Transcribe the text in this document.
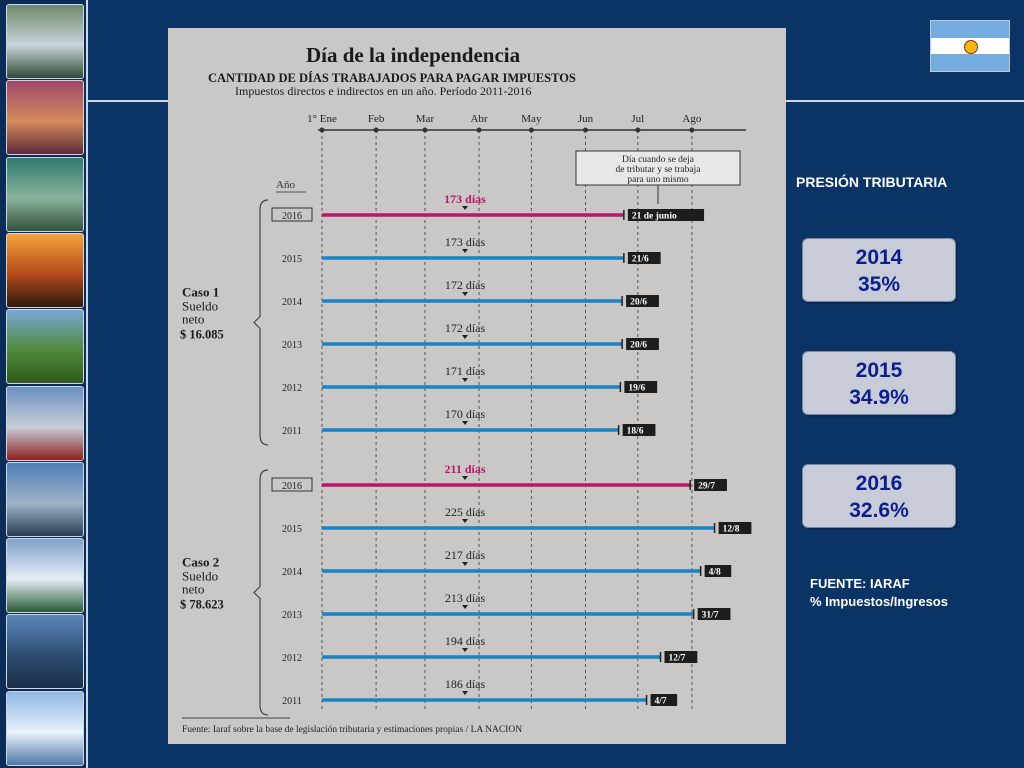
Día de la independencia
CANTIDAD DE DÍAS TRABAJADOS PARA PAGAR IMPUESTOS
Impuestos directos e indirectos en un año. Período 2011-2016
1° Ene	Feb	Mar	Abr	May	Jun	Jul	Ago
Día cuando se deja
de tributar y se trabaja
para uno mismo
Año
Caso 1
Sueldo
neto
$ 16.085
2016
173 días
21 de junio
2015
173 días
21/6
2014
172 días
20/6
2013
172 días
20/6
2012
171 días
19/6
2011
170 días
18/6
Caso 2
Sueldo
neto
$ 78.623
2016
211 días
29/7
2015
225 días
12/8
2014
217 días
4/8
2013
213 días
31/7
2012
194 días
12/7
2011
186 días
4/7
Fuente: Iaraf sobre la base de legislación tributaria y estimaciones propias / LA NACION
PRESIÓN TRIBUTARIA
2014
35%
2015
34.9%
2016
32.6%
FUENTE: IARAF
% Impuestos/Ingresos
